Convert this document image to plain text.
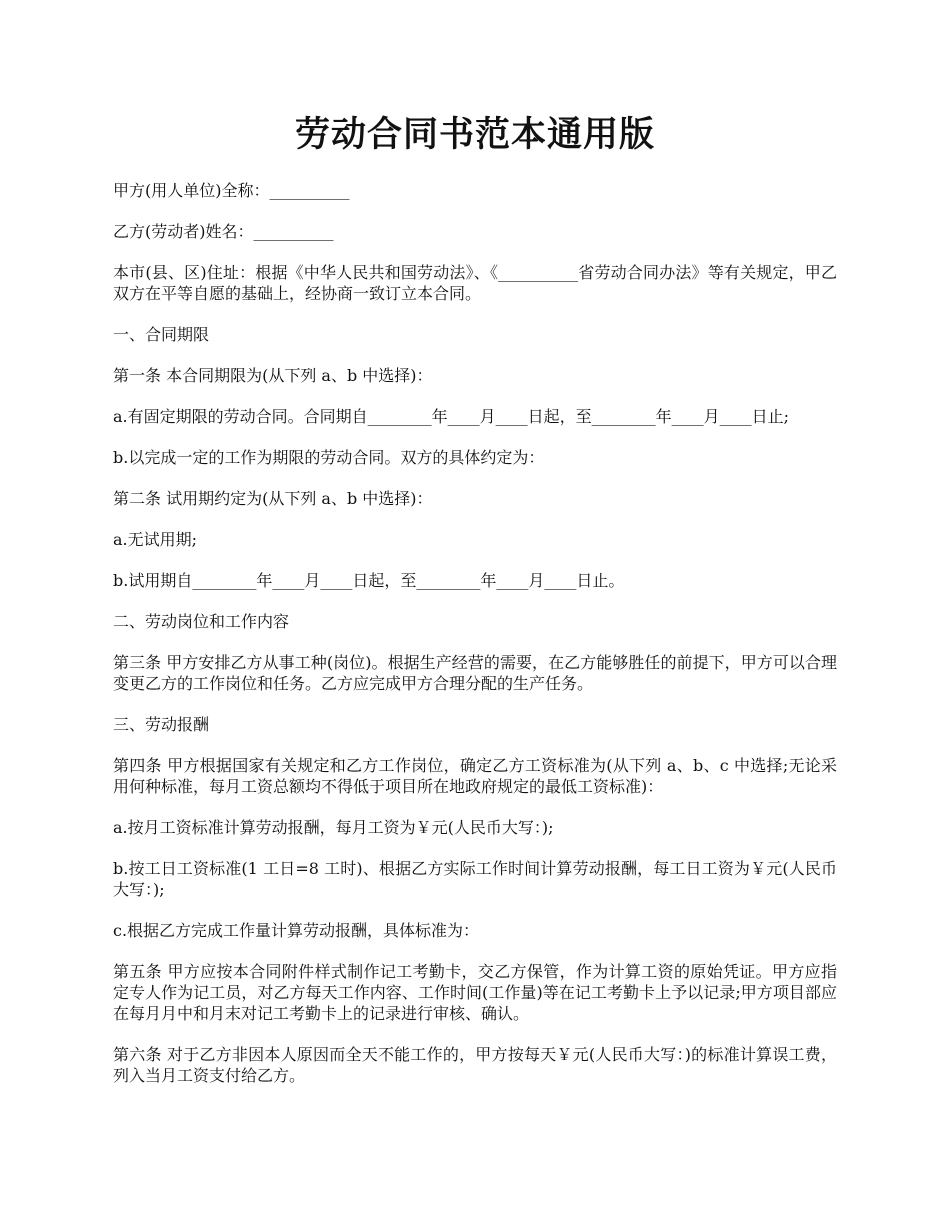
劳动合同书范本通用版

甲方(用人单位)全称：__________

乙方(劳动者)姓名：__________

本市(县、区)住址：根据《中华人民共和国劳动法》、《__________省劳动合同办法》等有关规定，甲乙双方在平等自愿的基础上，经协商一致订立本合同。

一、合同期限

第一条 本合同期限为(从下列 a、b 中选择)：

a.有固定期限的劳动合同。合同期自________年____月____日起，至________年____月____日止;

b.以完成一定的工作为期限的劳动合同。双方的具体约定为：

第二条 试用期约定为(从下列 a、b 中选择)：

a.无试用期;

b.试用期自________年____月____日起，至________年____月____日止。

二、劳动岗位和工作内容

第三条 甲方安排乙方从事工种(岗位)。根据生产经营的需要，在乙方能够胜任的前提下，甲方可以合理变更乙方的工作岗位和任务。乙方应完成甲方合理分配的生产任务。

三、劳动报酬

第四条 甲方根据国家有关规定和乙方工作岗位，确定乙方工资标准为(从下列 a、b、c 中选择;无论采用何种标准，每月工资总额均不得低于项目所在地政府规定的最低工资标准)：

a.按月工资标准计算劳动报酬，每月工资为￥元(人民币大写：);

b.按工日工资标准(1 工日=8 工时)、根据乙方实际工作时间计算劳动报酬，每工日工资为￥元(人民币大写：);

c.根据乙方完成工作量计算劳动报酬，具体标准为：

第五条 甲方应按本合同附件样式制作记工考勤卡，交乙方保管，作为计算工资的原始凭证。甲方应指定专人作为记工员，对乙方每天工作内容、工作时间(工作量)等在记工考勤卡上予以记录;甲方项目部应在每月月中和月末对记工考勤卡上的记录进行审核、确认。

第六条 对于乙方非因本人原因而全天不能工作的，甲方按每天￥元(人民币大写：)的标准计算误工费，列入当月工资支付给乙方。
